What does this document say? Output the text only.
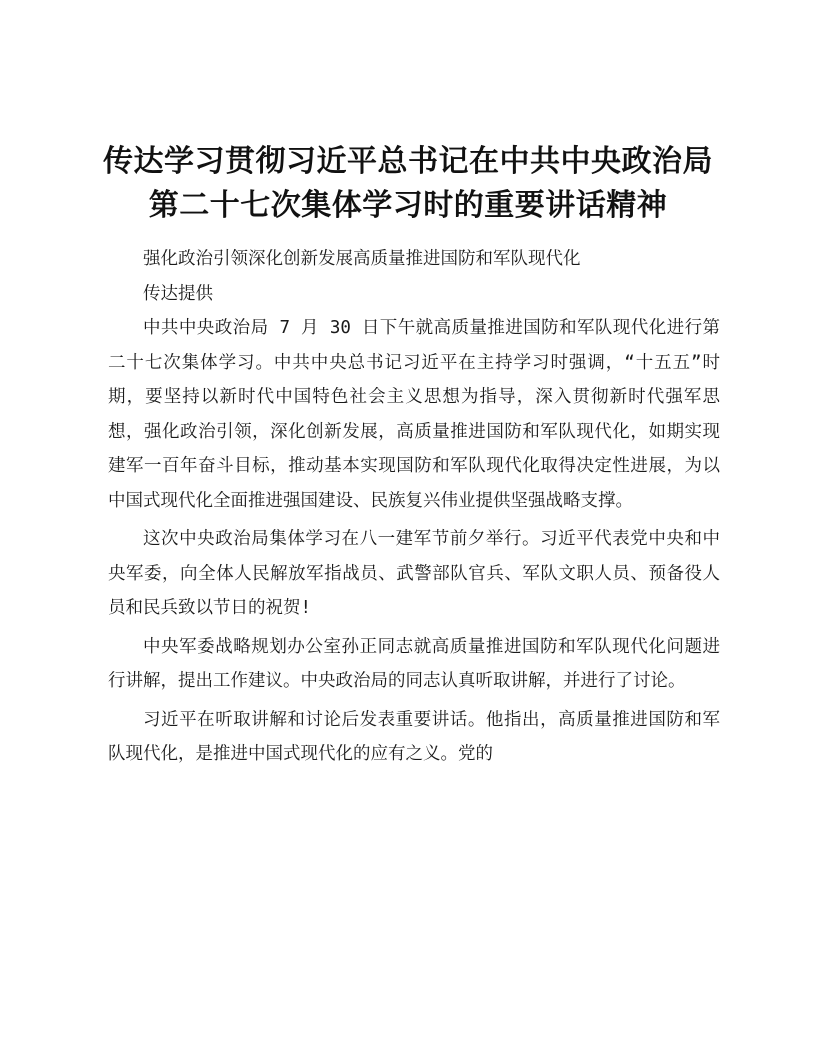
传达学习贯彻习近平总书记在中共中央政治局
第二十七次集体学习时的重要讲话精神

强化政治引领深化创新发展高质量推进国防和军队现代化

传达提供

中共中央政治局 7 月 30 日下午就高质量推进国防和军队现代化进行第二十七次集体学习。中共中央总书记习近平在主持学习时强调，“十五五”时期，要坚持以新时代中国特色社会主义思想为指导，深入贯彻新时代强军思想，强化政治引领，深化创新发展，高质量推进国防和军队现代化，如期实现建军一百年奋斗目标，推动基本实现国防和军队现代化取得决定性进展，为以中国式现代化全面推进强国建设、民族复兴伟业提供坚强战略支撑。

这次中央政治局集体学习在八一建军节前夕举行。习近平代表党中央和中央军委，向全体人民解放军指战员、武警部队官兵、军队文职人员、预备役人员和民兵致以节日的祝贺!

中央军委战略规划办公室孙正同志就高质量推进国防和军队现代化问题进行讲解，提出工作建议。中央政治局的同志认真听取讲解，并进行了讨论。

习近平在听取讲解和讨论后发表重要讲话。他指出，高质量推进国防和军队现代化，是推进中国式现代化的应有之义。党的
